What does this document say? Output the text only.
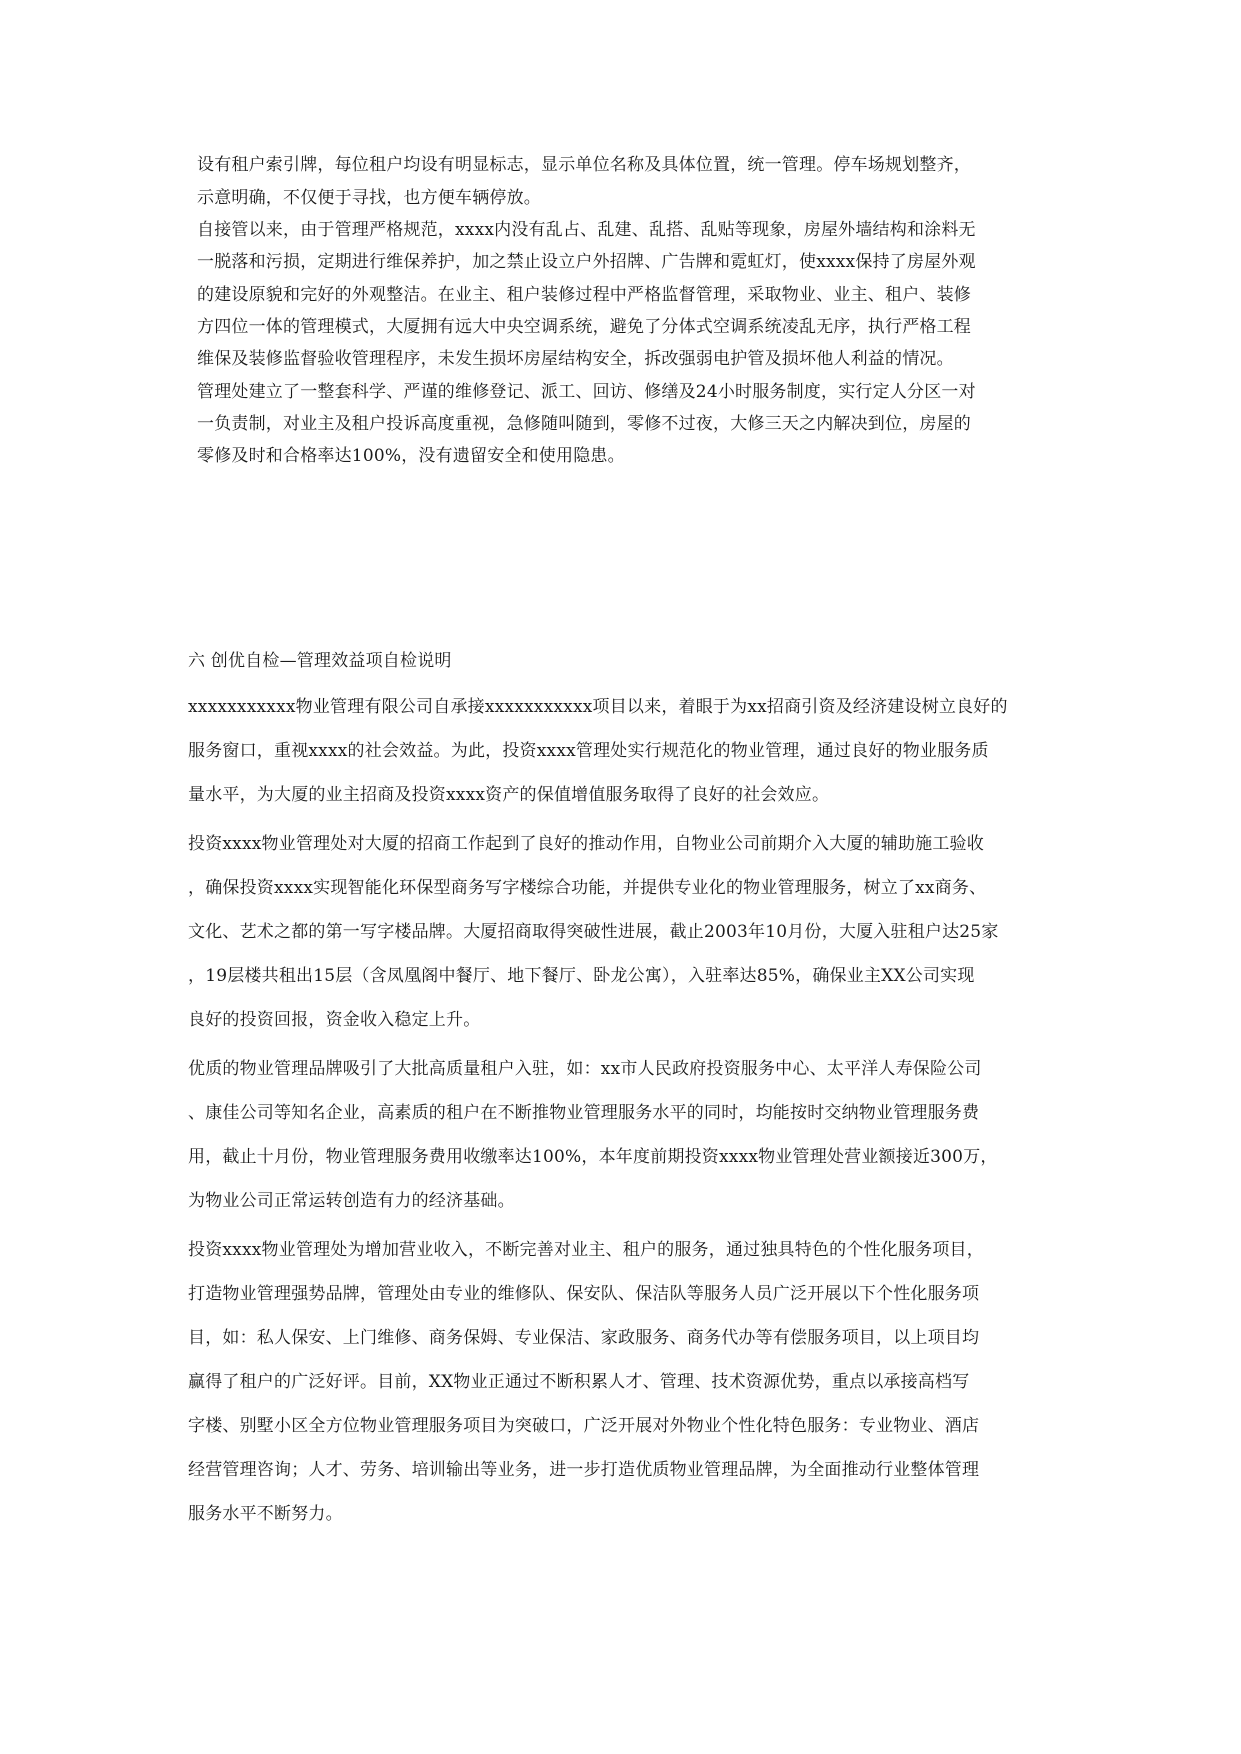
设有租户索引牌，每位租户均设有明显标志，显示单位名称及具体位置，统一管理。停车场规划整齐，
示意明确，不仅便于寻找，也方便车辆停放。
自接管以来，由于管理严格规范，xxxx内没有乱占、乱建、乱搭、乱贴等现象，房屋外墙结构和涂料无
一脱落和污损，定期进行维保养护，加之禁止设立户外招牌、广告牌和霓虹灯，使xxxx保持了房屋外观
的建设原貌和完好的外观整洁。在业主、租户装修过程中严格监督管理，采取物业、业主、租户、装修
方四位一体的管理模式，大厦拥有远大中央空调系统，避免了分体式空调系统凌乱无序，执行严格工程
维保及装修监督验收管理程序，未发生损坏房屋结构安全，拆改强弱电护管及损坏他人利益的情况。
管理处建立了一整套科学、严谨的维修登记、派工、回访、修缮及24小时服务制度，实行定人分区一对
一负责制，对业主及租户投诉高度重视，急修随叫随到，零修不过夜，大修三天之内解决到位，房屋的
零修及时和合格率达100%，没有遗留安全和使用隐患。
六 创优自检—管理效益项自检说明
xxxxxxxxxxx物业管理有限公司自承接xxxxxxxxxxx项目以来，着眼于为xx招商引资及经济建设树立良好的
服务窗口，重视xxxx的社会效益。为此，投资xxxx管理处实行规范化的物业管理，通过良好的物业服务质
量水平，为大厦的业主招商及投资xxxx资产的保值增值服务取得了良好的社会效应。
投资xxxx物业管理处对大厦的招商工作起到了良好的推动作用，自物业公司前期介入大厦的辅助施工验收
，确保投资xxxx实现智能化环保型商务写字楼综合功能，并提供专业化的物业管理服务，树立了xx商务、
文化、艺术之都的第一写字楼品牌。大厦招商取得突破性进展，截止2003年10月份，大厦入驻租户达25家
，19层楼共租出15层（含凤凰阁中餐厅、地下餐厅、卧龙公寓），入驻率达85%，确保业主XX公司实现
良好的投资回报，资金收入稳定上升。
优质的物业管理品牌吸引了大批高质量租户入驻，如：xx市人民政府投资服务中心、太平洋人寿保险公司
、康佳公司等知名企业，高素质的租户在不断推物业管理服务水平的同时，均能按时交纳物业管理服务费
用，截止十月份，物业管理服务费用收缴率达100%，本年度前期投资xxxx物业管理处营业额接近300万，
为物业公司正常运转创造有力的经济基础。
投资xxxx物业管理处为增加营业收入，不断完善对业主、租户的服务，通过独具特色的个性化服务项目，
打造物业管理强势品牌，管理处由专业的维修队、保安队、保洁队等服务人员广泛开展以下个性化服务项
目，如：私人保安、上门维修、商务保姆、专业保洁、家政服务、商务代办等有偿服务项目，以上项目均
赢得了租户的广泛好评。目前，XX物业正通过不断积累人才、管理、技术资源优势，重点以承接高档写
字楼、别墅小区全方位物业管理服务项目为突破口，广泛开展对外物业个性化特色服务：专业物业、酒店
经营管理咨询；人才、劳务、培训输出等业务，进一步打造优质物业管理品牌，为全面推动行业整体管理
服务水平不断努力。
